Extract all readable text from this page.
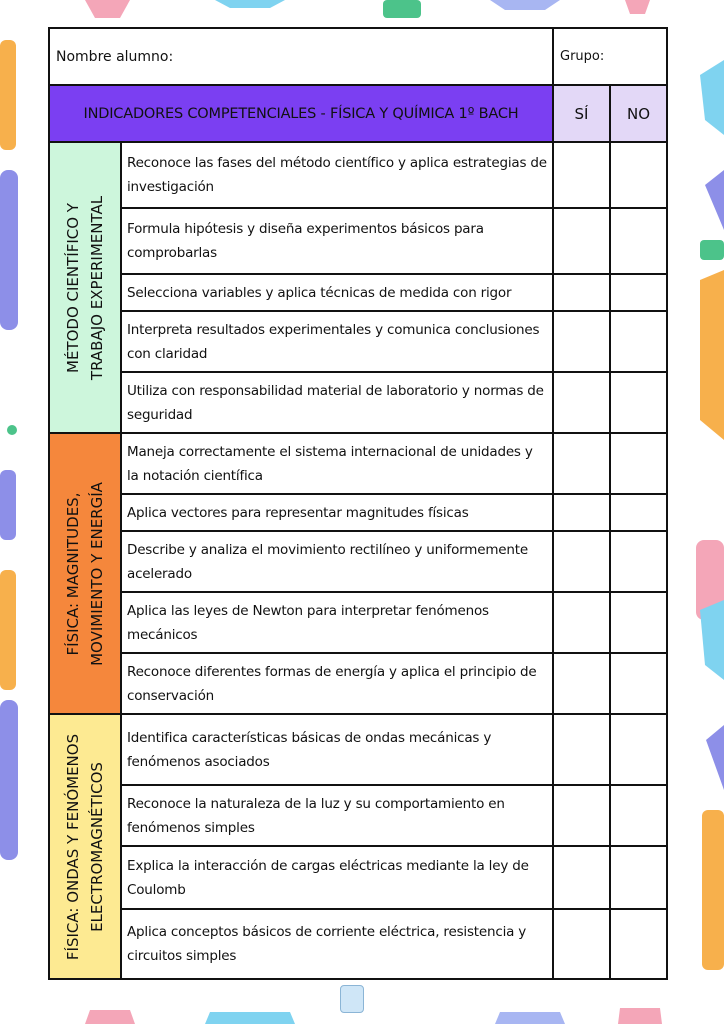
Nombre alumno:		Grupo:	
INDICADORES COMPETENCIALES - FÍSICA Y QUÍMICA 1º BACH		SÍ	NO

MÉTODO CIENTÍFICO Y
TRABAJO EXPERIMENTAL	Reconoce las fases del método científico y aplica estrategias de investigación		
	Formula hipótesis y diseña experimentos básicos para comprobarlas		
	Selecciona variables y aplica técnicas de medida con rigor		
	Interpreta resultados experimentales y comunica conclusiones con claridad		
	Utiliza con responsabilidad material de laboratorio y normas de seguridad		

FÍSICA: MAGNITUDES,
MOVIMIENTO Y ENERGÍA	Maneja correctamente el sistema internacional de unidades y la notación científica		
	Aplica vectores para representar magnitudes físicas		
	Describe y analiza el movimiento rectilíneo y uniformemente acelerado		
	Aplica las leyes de Newton para interpretar fenómenos mecánicos		
	Reconoce diferentes formas de energía y aplica el principio de conservación		

FÍSICA: ONDAS Y FENÓMENOS
ELECTROMAGNÉTICOS	Identifica características básicas de ondas mecánicas y fenómenos asociados		
	Reconoce la naturaleza de la luz y su comportamiento en fenómenos simples		
	Explica la interacción de cargas eléctricas mediante la ley de Coulomb		
	Aplica conceptos básicos de corriente eléctrica, resistencia y circuitos simples		
